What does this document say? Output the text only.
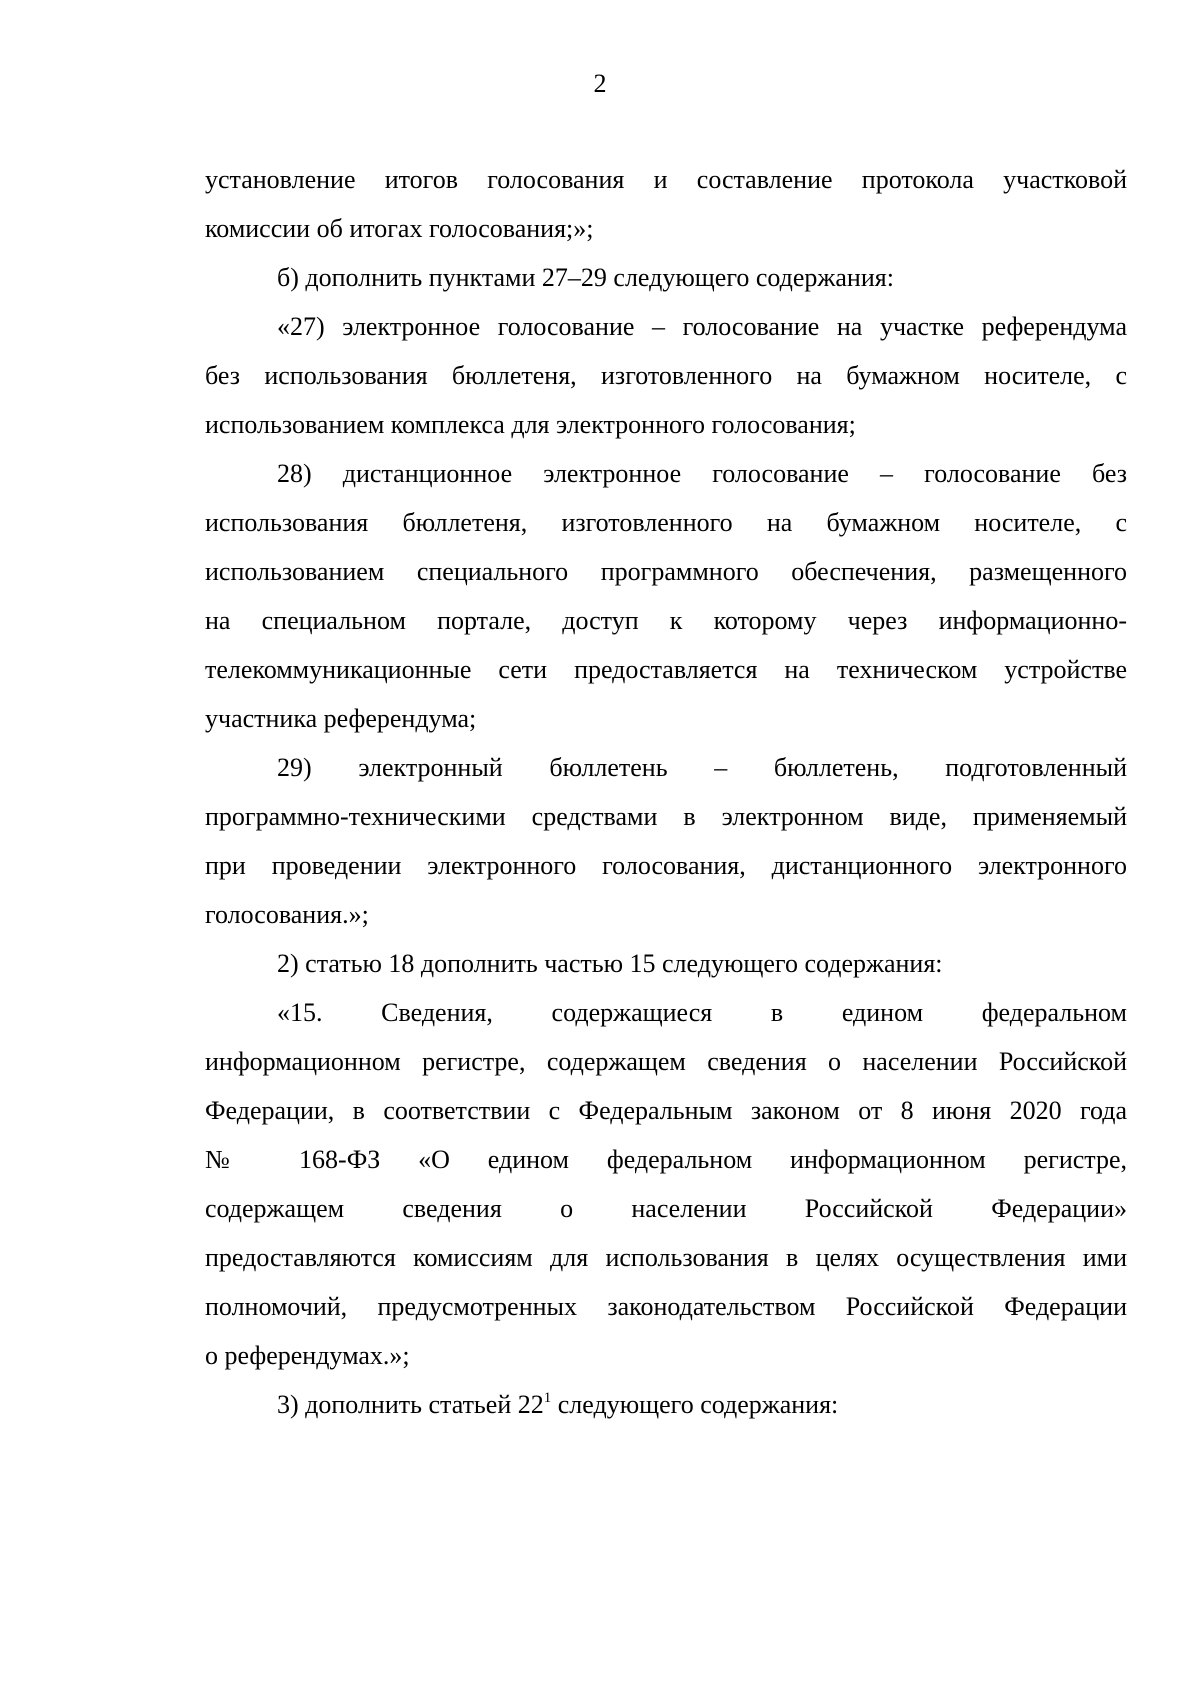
2

установление итогов голосования и составление протокола участковой
комиссии об итогах голосования;»;

б) дополнить пунктами 27–29 следующего содержания:

«27) электронное голосование – голосование на участке референдума
без использования бюллетеня, изготовленного на бумажном носителе, с
использованием комплекса для электронного голосования;

28) дистанционное электронное голосование – голосование без
использования бюллетеня, изготовленного на бумажном носителе, с
использованием специального программного обеспечения, размещенного
на специальном портале, доступ к которому через информационно-
телекоммуникационные сети предоставляется на техническом устройстве
участника референдума;

29) электронный бюллетень – бюллетень, подготовленный
программно-техническими средствами в электронном виде, применяемый
при проведении электронного голосования, дистанционного электронного
голосования.»;

2) статью 18 дополнить частью 15 следующего содержания:

«15. Сведения, содержащиеся в едином федеральном
информационном регистре, содержащем сведения о населении Российской
Федерации, в соответствии с Федеральным законом от 8 июня 2020 года
№ 168-ФЗ «О едином федеральном информационном регистре,
содержащем сведения о населении Российской Федерации»
предоставляются комиссиям для использования в целях осуществления ими
полномочий, предусмотренных законодательством Российской Федерации
о референдумах.»;

3) дополнить статьей $22^1$ следующего содержания:
